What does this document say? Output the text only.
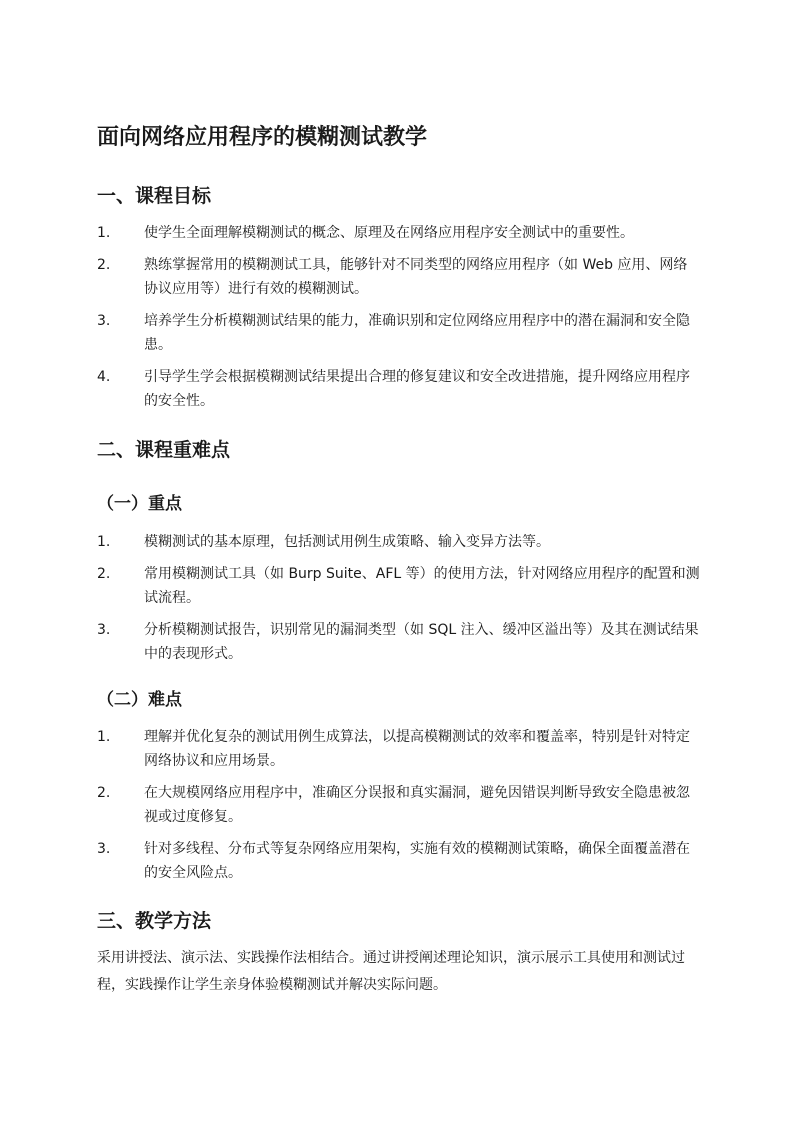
面向网络应用程序的模糊测试教学
一、课程目标
1. 使学生全面理解模糊测试的概念、原理及在网络应用程序安全测试中的重要性。
2. 熟练掌握常用的模糊测试工具，能够针对不同类型的网络应用程序（如 Web 应用、网络协议应用等）进行有效的模糊测试。
3. 培养学生分析模糊测试结果的能力，准确识别和定位网络应用程序中的潜在漏洞和安全隐患。
4. 引导学生学会根据模糊测试结果提出合理的修复建议和安全改进措施，提升网络应用程序的安全性。
二、课程重难点
（一）重点
1. 模糊测试的基本原理，包括测试用例生成策略、输入变异方法等。
2. 常用模糊测试工具（如 Burp Suite、AFL 等）的使用方法，针对网络应用程序的配置和测试流程。
3. 分析模糊测试报告，识别常见的漏洞类型（如 SQL 注入、缓冲区溢出等）及其在测试结果中的表现形式。
（二）难点
1. 理解并优化复杂的测试用例生成算法，以提高模糊测试的效率和覆盖率，特别是针对特定网络协议和应用场景。
2. 在大规模网络应用程序中，准确区分误报和真实漏洞，避免因错误判断导致安全隐患被忽视或过度修复。
3. 针对多线程、分布式等复杂网络应用架构，实施有效的模糊测试策略，确保全面覆盖潜在的安全风险点。
三、教学方法

采用讲授法、演示法、实践操作法相结合。通过讲授阐述理论知识，演示展示工具使用和测试过程，实践操作让学生亲身体验模糊测试并解决实际问题。
